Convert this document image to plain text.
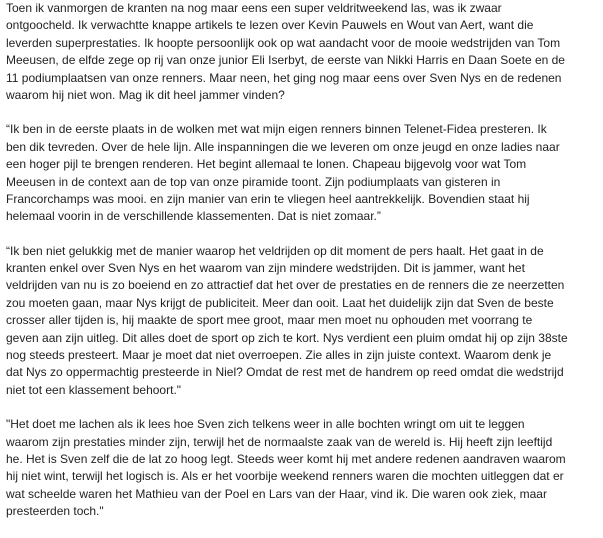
Toen ik vanmorgen de kranten na nog maar eens een super veldritweekend las, was ik zwaar
ontgoocheld. Ik verwachtte knappe artikels te lezen over Kevin Pauwels en Wout van Aert, want die
leverden superprestaties. Ik hoopte persoonlijk ook op wat aandacht voor de mooie wedstrijden van Tom
Meeusen, de elfde zege op rij van onze junior Eli Iserbyt, de eerste van Nikki Harris en Daan Soete en de
11 podiumplaatsen van onze renners. Maar neen, het ging nog maar eens over Sven Nys en de redenen
waarom hij niet won. Mag ik dit heel jammer vinden?
“Ik ben in de eerste plaats in de wolken met wat mijn eigen renners binnen Telenet-Fidea presteren. Ik
ben dik tevreden. Over de hele lijn. Alle inspanningen die we leveren om onze jeugd en onze ladies naar
een hoger pijl te brengen renderen. Het begint allemaal te lonen. Chapeau bijgevolg voor wat Tom
Meeusen in de context aan de top van onze piramide toont. Zijn podiumplaats van gisteren in
Francorchamps was mooi. en zijn manier van erin te vliegen heel aantrekkelijk. Bovendien staat hij
helemaal voorin in de verschillende klassementen. Dat is niet zomaar.”
“Ik ben niet gelukkig met de manier waarop het veldrijden op dit moment de pers haalt. Het gaat in de
kranten enkel over Sven Nys en het waarom van zijn mindere wedstrijden. Dit is jammer, want het
veldrijden van nu is zo boeiend en zo attractief dat het over de prestaties en de renners die ze neerzetten
zou moeten gaan, maar Nys krijgt de publiciteit. Meer dan ooit. Laat het duidelijk zijn dat Sven de beste
crosser aller tijden is, hij maakte de sport mee groot, maar men moet nu ophouden met voorrang te
geven aan zijn uitleg. Dit alles doet de sport op zich te kort. Nys verdient een pluim omdat hij op zijn 38ste
nog steeds presteert. Maar je moet dat niet overroepen. Zie alles in zijn juiste context. Waarom denk je
dat Nys zo oppermachtig presteerde in Niel? Omdat de rest met de handrem op reed omdat die wedstrijd
niet tot een klassement behoort."
"Het doet me lachen als ik lees hoe Sven zich telkens weer in alle bochten wringt om uit te leggen
waarom zijn prestaties minder zijn, terwijl het de normaalste zaak van de wereld is. Hij heeft zijn leeftijd
he. Het is Sven zelf die de lat zo hoog legt. Steeds weer komt hij met andere redenen aandraven waarom
hij niet wint, terwijl het logisch is. Als er het voorbije weekend renners waren die mochten uitleggen dat er
wat scheelde waren het Mathieu van der Poel en Lars van der Haar, vind ik. Die waren ook ziek, maar
presteerden toch."
